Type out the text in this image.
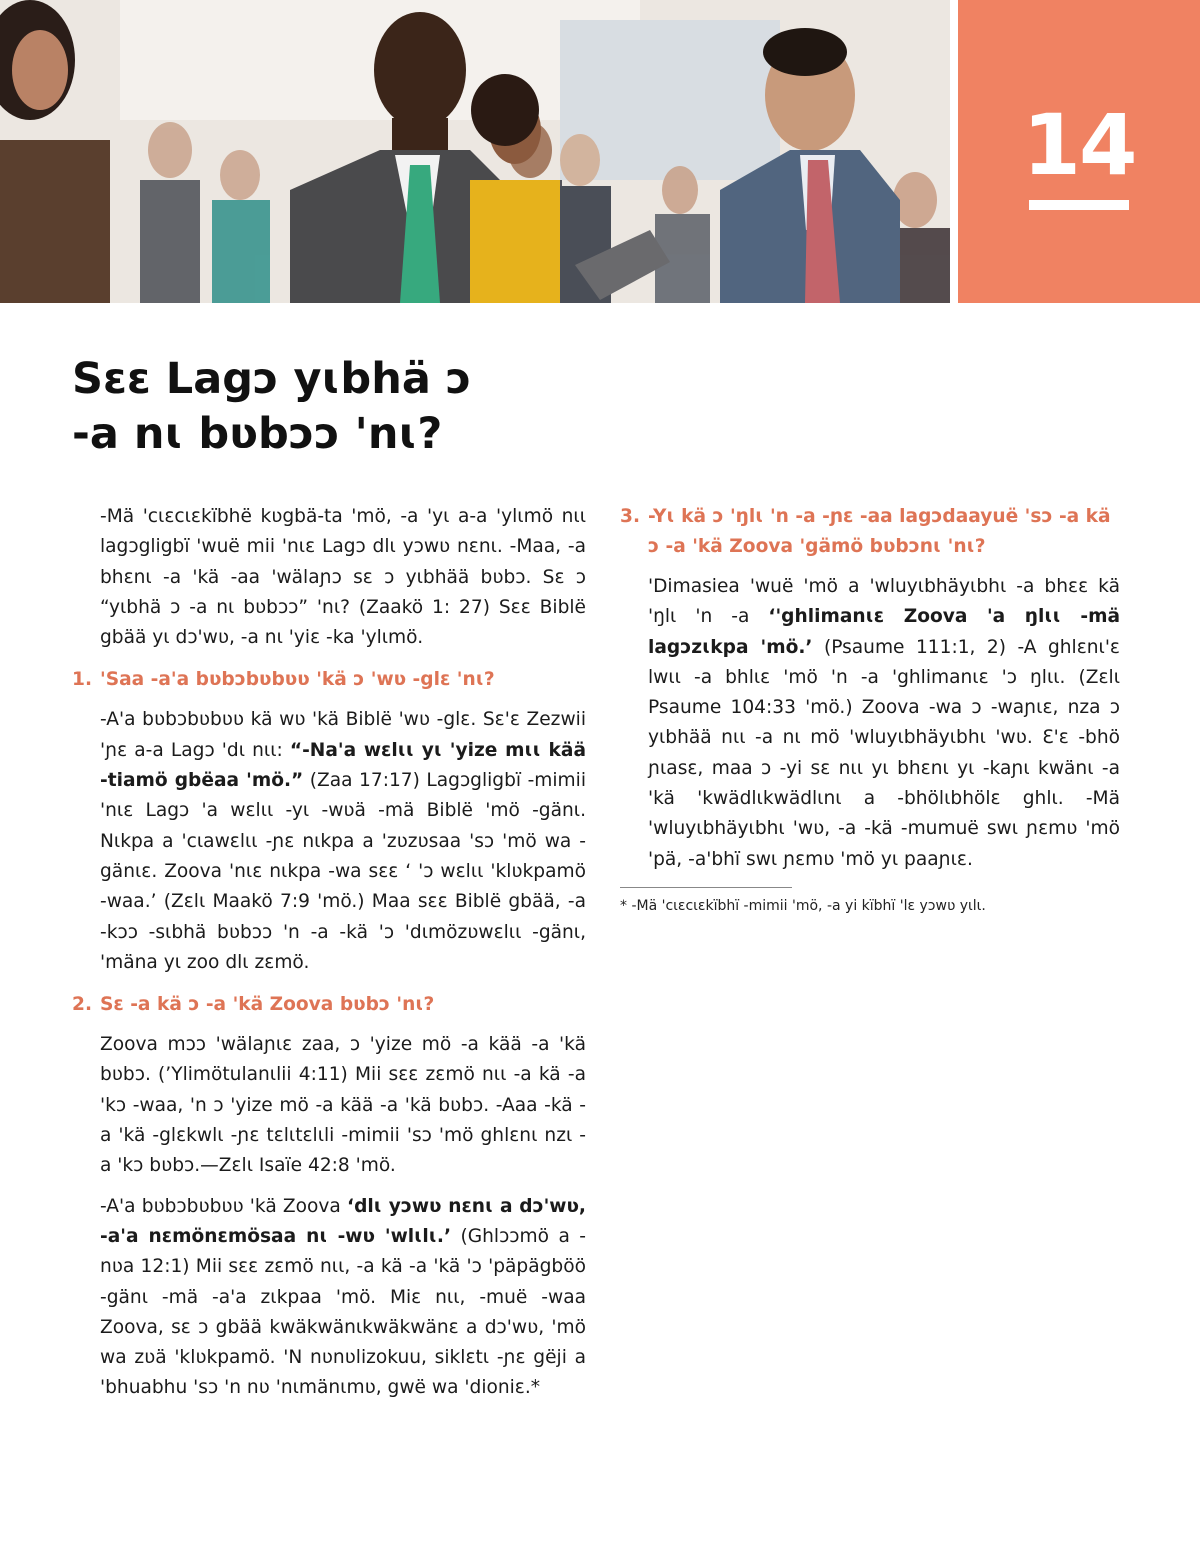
14
Sɛɛ Lagɔ yɩbhä ɔ
-a nɩ bʋbɔɔ 'nɩ?

-Mä 'cɩɛcɩɛkïbhë kʋgbä-ta 'mö, -a 'yɩ a-a 'ylɩmö nɩɩ lagɔgligbï 'wuë mii 'nɩɛ Lagɔ dlɩ yɔwʋ nɛnɩ. -Maa, -a bhɛnɩ -a 'kä -aa 'wälaɲɔ sɛ ɔ yɩbhää bʋbɔ. Sɛ ɔ “yɩbhä ɔ -a nɩ bʋbɔɔ” 'nɩ? (Zaakö 1: 27) Sɛɛ Biblë gbää yɩ dɔ'wʋ, -a nɩ 'yiɛ -ka 'ylɩmö.

1. 'Saa -a'a bʋbɔbʋbʋʋ 'kä ɔ 'wʋ -glɛ 'nɩ?

-A'a bʋbɔbʋbʋʋ kä wʋ 'kä Biblë 'wʋ -glɛ. Sɛ'ɛ Zezwii 'ɲɛ a-a Lagɔ 'dɩ nɩɩ: “-Na'a wɛlɩɩ yɩ 'yize mɩɩ kää -tiamö gbëaa 'mö.” (Zaa 17:17) Lagɔgligbï -mimii 'nɩɛ Lagɔ 'a wɛlɩɩ -yɩ -wʋä -mä Biblë 'mö -gänɩ. Nɩkpa a 'cɩawɛlɩɩ -ɲɛ nɩkpa a 'zʋzʋsaa 'sɔ 'mö wa -gänɩɛ. Zoova 'nɩɛ nɩkpa -wa sɛɛ ‘ 'ɔ wɛlɩɩ 'klʋkpamö -waa.’ (Zɛlɩ Maakö 7:9 'mö.) Maa sɛɛ Biblë gbää, -a -kɔɔ -sɩbhä bʋbɔɔ 'n -a -kä 'ɔ 'dɩmözʋwɛlɩɩ -gänɩ, 'mäna yɩ zoo dlɩ zɛmö.

2. Sɛ -a kä ɔ -a 'kä Zoova bʋbɔ 'nɩ?

Zoova mɔɔ 'wälaɲɩɛ zaa, ɔ 'yize mö -a kää -a 'kä bʋbɔ. (’Ylimötulanɩlii 4:11) Mii sɛɛ zɛmö nɩɩ -a kä -a 'kɔ -waa, 'n ɔ 'yize mö -a kää -a 'kä bʋbɔ. -Aaa -kä -a 'kä -glɛkwlɩ -ɲɛ tɛlɩtɛlɩli -mimii 'sɔ 'mö ghlɛnɩ nzɩ -a 'kɔ bʋbɔ.—Zɛlɩ Isaïe 42:8 'mö.

-A'a bʋbɔbʋbʋʋ 'kä Zoova ‘dlɩ yɔwʋ nɛnɩ a dɔ'wʋ, -a'a nɛmönɛmösaa nɩ -wʋ 'wlɩlɩ.’ (Ghlɔɔmö a -nʋa 12:1) Mii sɛɛ zɛmö nɩɩ, -a kä -a 'kä 'ɔ 'päpägböö -gänɩ -mä -a'a zɩkpaa 'mö. Miɛ nɩɩ, -muë -waa Zoova, sɛ ɔ gbää kwäkwänɩkwäkwänɛ a dɔ'wʋ, 'mö wa zʋä 'klʋkpamö. 'N nʋnʋlizokuu, siklɛtɩ -ɲɛ gëji a 'bhuabhu 'sɔ 'n nʋ 'nɩmänɩmʋ, gwë wa 'dioniɛ.*

3. -Yɩ kä ɔ 'ŋlɩ 'n -a -ɲɛ -aa lagɔdaayuë 'sɔ -a kä ɔ -a 'kä Zoova 'gämö bʋbɔnɩ 'nɩ?

'Dimasiea 'wuë 'mö a 'wluyɩbhäyɩbhɩ -a bhɛɛ kä 'ŋlɩ 'n -a ‘'ghlimanɩɛ Zoova 'a ŋlɩɩ -mä lagɔzɩkpa 'mö.’ (Psaume 111:1, 2) -A ghlɛnɩ'ɛ lwɩɩ -a bhlɩɛ 'mö 'n -a 'ghlimanɩɛ 'ɔ ŋlɩɩ. (Zɛlɩ Psaume 104:33 'mö.) Zoova -wa ɔ -waɲɩɛ, nza ɔ yɩbhää nɩɩ -a nɩ mö 'wluyɩbhäyɩbhɩ 'wʋ. Ɛ'ɛ -bhö ɲɩasɛ, maa ɔ -yi sɛ nɩɩ yɩ bhɛnɩ yɩ -kaɲɩ kwänɩ -a 'kä 'kwädlɩkwädlɩnɩ a -bhölɩbhölɛ ghlɩ. -Mä 'wluyɩbhäyɩbhɩ 'wʋ, -a -kä -mumuë swɩ ɲɛmʋ 'mö 'pä, -a'bhï swɩ ɲɛmʋ 'mö yɩ paaɲɩɛ.

* -Mä 'cɩɛcɩɛkïbhï -mimii 'mö, -a yi kïbhï 'lɛ yɔwʋ yɩlɩ.
